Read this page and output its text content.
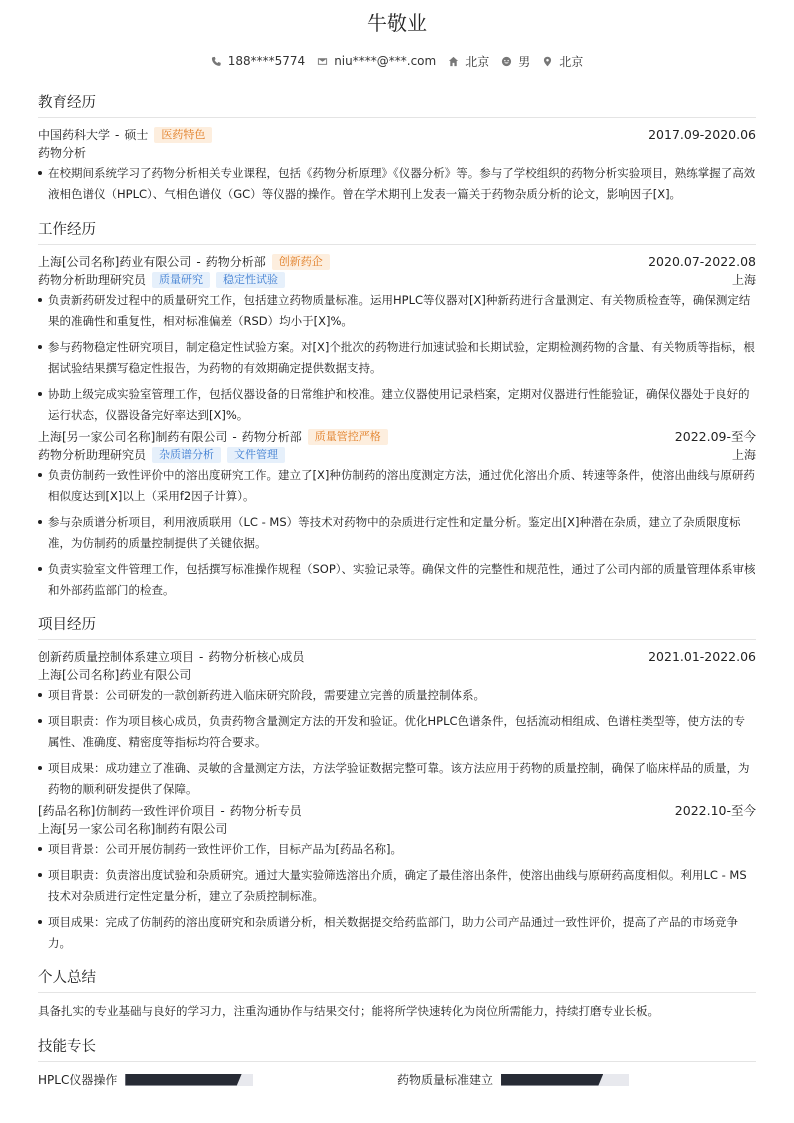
牛敬业
188****5774 niu****@***.com 北京 男 北京
教育经历
中国药科大学 - 硕士	医药特色	2017.09-2020.06
药物分析
在校期间系统学习了药物分析相关专业课程，包括《药物分析原理》《仪器分析》等。参与了学校组织的药物分析实验项目，熟练掌握了高效液相色谱仪（HPLC）、气相色谱仪（GC）等仪器的操作。曾在学术期刊上发表一篇关于药物杂质分析的论文，影响因子[X]。
工作经历
上海[公司名称]药业有限公司 - 药物分析部	创新药企	2020.07-2022.08
药物分析助理研究员	质量研究	稳定性试验	上海
负责新药研发过程中的质量研究工作，包括建立药物质量标准。运用HPLC等仪器对[X]种新药进行含量测定、有关物质检查等，确保测定结果的准确性和重复性，相对标准偏差（RSD）均小于[X]%。
参与药物稳定性研究项目，制定稳定性试验方案。对[X]个批次的药物进行加速试验和长期试验，定期检测药物的含量、有关物质等指标，根据试验结果撰写稳定性报告，为药物的有效期确定提供数据支持。
协助上级完成实验室管理工作，包括仪器设备的日常维护和校准。建立仪器使用记录档案，定期对仪器进行性能验证，确保仪器处于良好的运行状态，仪器设备完好率达到[X]%。
上海[另一家公司名称]制药有限公司 - 药物分析部	质量管控严格	2022.09-至今
药物分析助理研究员	杂质谱分析	文件管理	上海
负责仿制药一致性评价中的溶出度研究工作。建立了[X]种仿制药的溶出度测定方法，通过优化溶出介质、转速等条件，使溶出曲线与原研药相似度达到[X]以上（采用f2因子计算）。
参与杂质谱分析项目，利用液质联用（LC - MS）等技术对药物中的杂质进行定性和定量分析。鉴定出[X]种潜在杂质，建立了杂质限度标准，为仿制药的质量控制提供了关键依据。
负责实验室文件管理工作，包括撰写标准操作规程（SOP）、实验记录等。确保文件的完整性和规范性，通过了公司内部的质量管理体系审核和外部药监部门的检查。
项目经历
创新药质量控制体系建立项目 - 药物分析核心成员	2021.01-2022.06
上海[公司名称]药业有限公司
项目背景：公司研发的一款创新药进入临床研究阶段，需要建立完善的质量控制体系。
项目职责：作为项目核心成员，负责药物含量测定方法的开发和验证。优化HPLC色谱条件，包括流动相组成、色谱柱类型等，使方法的专属性、准确度、精密度等指标均符合要求。
项目成果：成功建立了准确、灵敏的含量测定方法，方法学验证数据完整可靠。该方法应用于药物的质量控制，确保了临床样品的质量，为药物的顺利研发提供了保障。
[药品名称]仿制药一致性评价项目 - 药物分析专员	2022.10-至今
上海[另一家公司名称]制药有限公司
项目背景：公司开展仿制药一致性评价工作，目标产品为[药品名称]。
项目职责：负责溶出度试验和杂质研究。通过大量实验筛选溶出介质，确定了最佳溶出条件，使溶出曲线与原研药高度相似。利用LC - MS技术对杂质进行定性定量分析，建立了杂质控制标准。
项目成果：完成了仿制药的溶出度研究和杂质谱分析，相关数据提交给药监部门，助力公司产品通过一致性评价，提高了产品的市场竞争力。
个人总结
具备扎实的专业基础与良好的学习力，注重沟通协作与结果交付；能将所学快速转化为岗位所需能力，持续打磨专业长板。
技能专长
HPLC仪器操作	药物质量标准建立
